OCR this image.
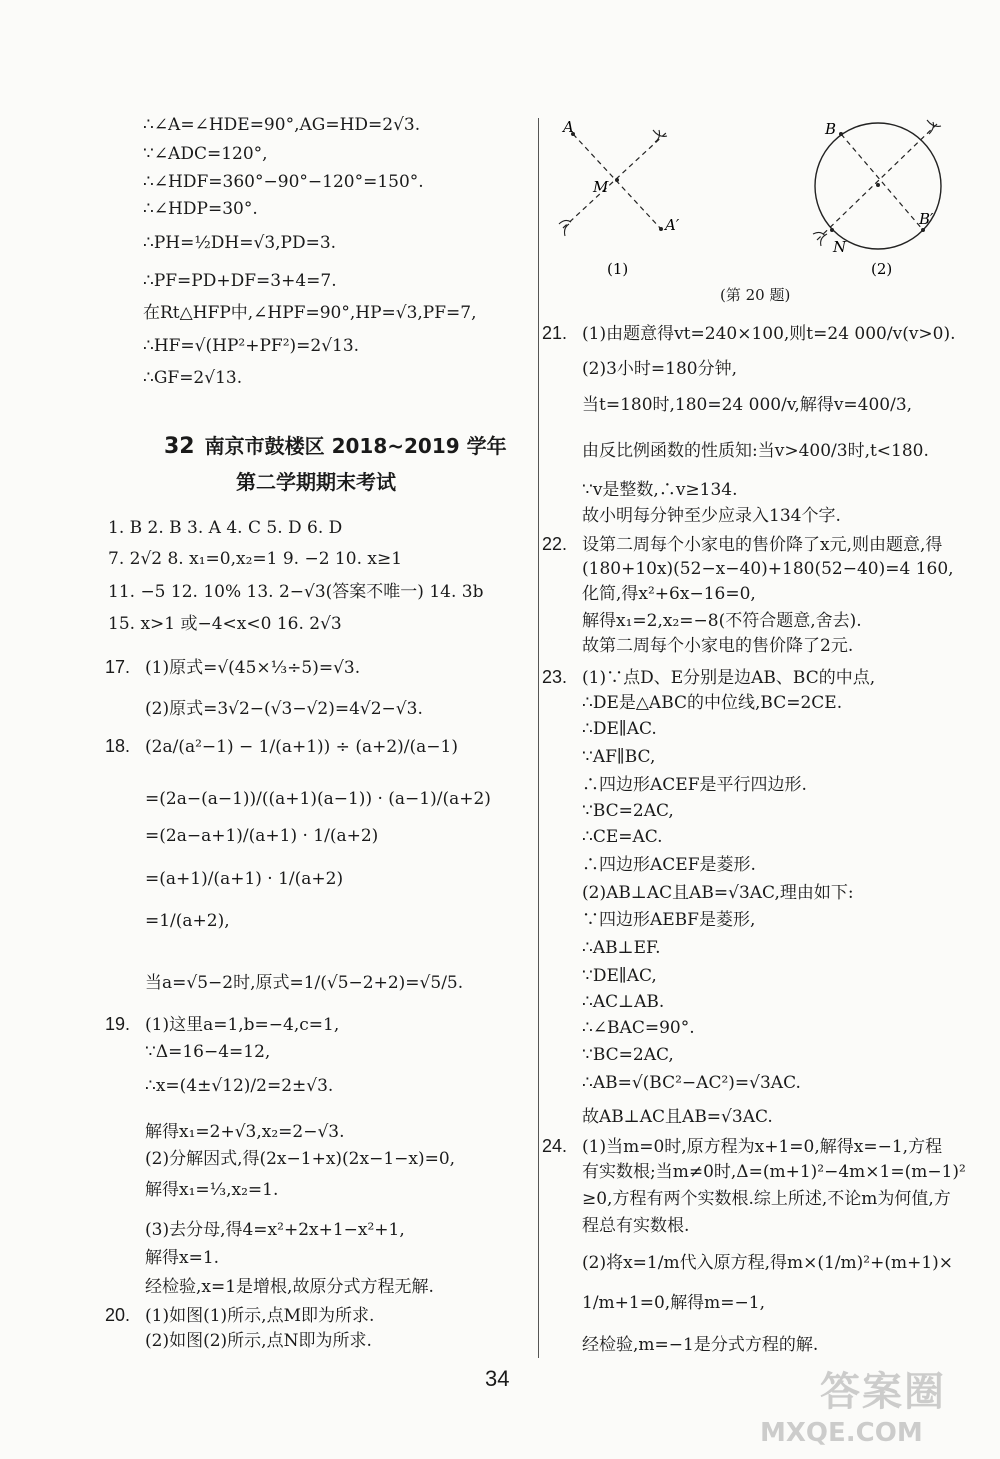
∴∠A=∠HDE=90°,AG=HD=2√3.
∵∠ADC=120°,
∴∠HDF=360°−90°−120°=150°.
∴∠HDP=30°.
∴PH=½DH=√3,PD=3.
∴PF=PD+DF=3+4=7.
在Rt△HFP中,∠HPF=90°,HP=√3,PF=7,
∴HF=√(HP²+PF²)=2√13.
∴GF=2√13.
32 南京市鼓楼区 2018~2019 学年
第二学期期末考试
1. B 2. B 3. A 4. C 5. D 6. D
7. 2√2 8. x₁=0,x₂=1 9. −2 10. x≥1
11. −5 12. 10% 13. 2−√3(答案不唯一) 14. 3b
15. x>1 或−4<x<0 16. 2√3
17. (1)原式=√(45×⅓÷5)=√3.
(2)原式=3√2−(√3−√2)=4√2−√3.
18. (2a/(a²−1) − 1/(a+1)) ÷ (a+2)/(a−1)
=(2a−(a−1))/((a+1)(a−1)) · (a−1)/(a+2)
=(2a−a+1)/(a+1) · 1/(a+2)
=(a+1)/(a+1) · 1/(a+2)
=1/(a+2),
当a=√5−2时,原式=1/(√5−2+2)=√5/5.
19. (1)这里a=1,b=−4,c=1,
∵Δ=16−4=12,
∴x=(4±√12)/2=2±√3.
解得x₁=2+√3,x₂=2−√3.
(2)分解因式,得(2x−1+x)(2x−1−x)=0,
解得x₁=⅓,x₂=1.
(3)去分母,得4=x²+2x+1−x²+1,
解得x=1.
经检验,x=1是增根,故原分式方程无解.
20. (1)如图(1)所示,点M即为所求.
(2)如图(2)所示,点N即为所求.
A
A′
M
(1)
B
B′
N
(2)
(第 20 题)
21. (1)由题意得vt=240×100,则t=24 000/v(v>0).
(2)3小时=180分钟,
当t=180时,180=24 000/v,解得v=400/3,
由反比例函数的性质知:当v>400/3时,t<180.
∵v是整数,∴v≥134.
故小明每分钟至少应录入134个字.
22. 设第二周每个小家电的售价降了x元,则由题意,得
(180+10x)(52−x−40)+180(52−40)=4 160,
化简,得x²+6x−16=0,
解得x₁=2,x₂=−8(不符合题意,舍去).
故第二周每个小家电的售价降了2元.
23. (1)∵点D、E分别是边AB、BC的中点,
∴DE是△ABC的中位线,BC=2CE.
∴DE∥AC.
∵AF∥BC,
∴四边形ACEF是平行四边形.
∵BC=2AC,
∴CE=AC.
∴四边形ACEF是菱形.
(2)AB⊥AC且AB=√3AC,理由如下:
∵四边形AEBF是菱形,
∴AB⊥EF.
∵DE∥AC,
∴AC⊥AB.
∴∠BAC=90°.
∵BC=2AC,
∴AB=√(BC²−AC²)=√3AC.
故AB⊥AC且AB=√3AC.
24. (1)当m=0时,原方程为x+1=0,解得x=−1,方程
有实数根;当m≠0时,Δ=(m+1)²−4m×1=(m−1)²
≥0,方程有两个实数根.综上所述,不论m为何值,方
程总有实数根.
(2)将x=1/m代入原方程,得m×(1/m)²+(m+1)×
1/m+1=0,解得m=−1,
经检验,m=−1是分式方程的解.
34	答案圈
MXQE.COM
